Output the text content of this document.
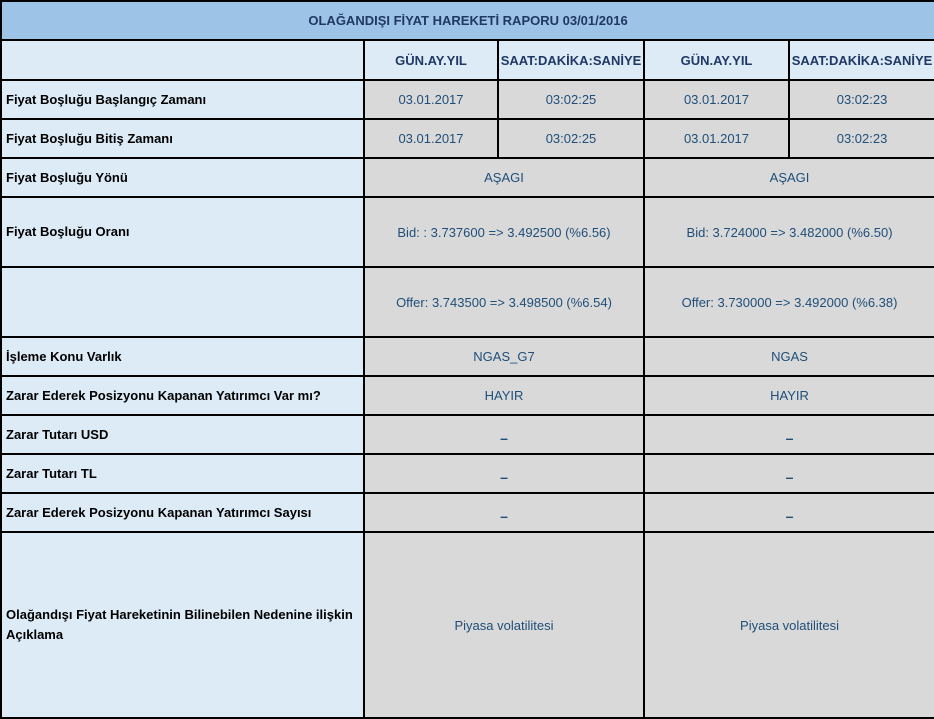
OLAĞANDIŞI FİYAT HAREKETİ RAPORU 03/01/2016				
	GÜN.AY.YIL	SAAT:DAKİKA:SANİYE	GÜN.AY.YIL	SAAT:DAKİKA:SANİYE
Fiyat Boşluğu Başlangıç Zamanı	03.01.2017	03:02:25	03.01.2017	03:02:23
Fiyat Boşluğu Bitiş Zamanı	03.01.2017	03:02:25	03.01.2017	03:02:23
Fiyat Boşluğu Yönü	AŞAGI		AŞAGI	
Fiyat Boşluğu Oranı	Bid: : 3.737600 => 3.492500 (%6.56)		Bid: 3.724000 => 3.482000 (%6.50)	
	Offer: 3.743500 => 3.498500 (%6.54)		Offer: 3.730000 => 3.492000 (%6.38)	
İşleme Konu Varlık	NGAS_G7		NGAS	
Zarar Ederek Posizyonu Kapanan Yatırımcı Var mı?	HAYIR		HAYIR	
Zarar Tutarı USD	–		–	
Zarar Tutarı TL	–		–	
Zarar Ederek Posizyonu Kapanan Yatırımcı Sayısı	–		–	
Olağandışı Fiyat Hareketinin Bilinebilen Nedenine ilişkin Açıklama	Piyasa volatilitesi		Piyasa volatilitesi	
